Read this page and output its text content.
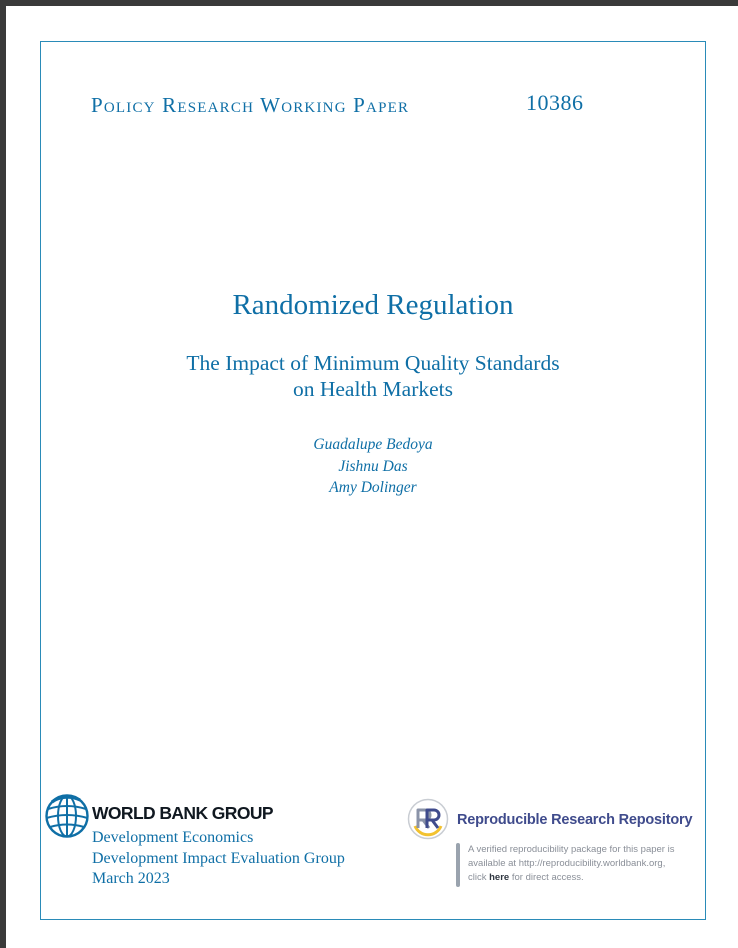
Policy Research Working Paper	10386
Randomized Regulation
The Impact of Minimum Quality Standards
on Health Markets
Guadalupe Bedoya
Jishnu Das
Amy Dolinger
WORLD BANK GROUP
Development Economics
Development Impact Evaluation Group
March 2023
Reproducible Research Repository
A verified reproducibility package for this paper is
available at http://reproducibility.worldbank.org,
click here for direct access.
